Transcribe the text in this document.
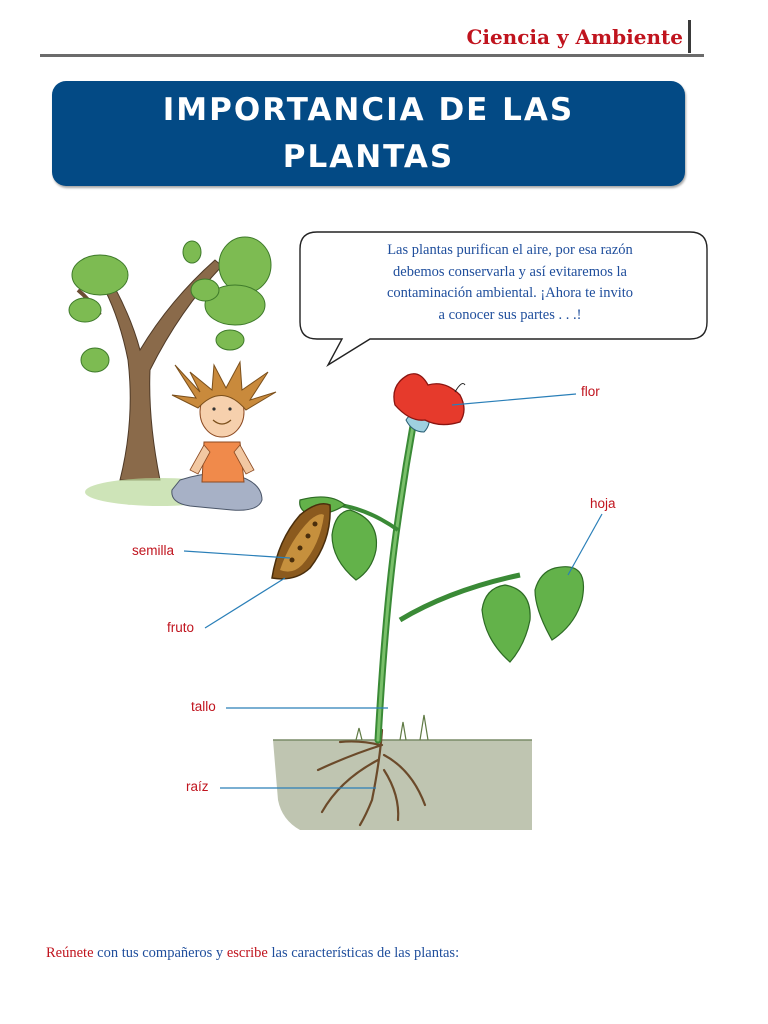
Ciencia y Ambiente
IMPORTANCIA DE LAS
PLANTAS
Las plantas purifican el aire, por esa razón
debemos conservarla y así evitaremos la
contaminación ambiental. ¡Ahora te invito
a conocer sus partes . . .!
flor
hoja
semilla
fruto
tallo
raíz
Reúnete con tus compañeros y escribe las características de las plantas:
